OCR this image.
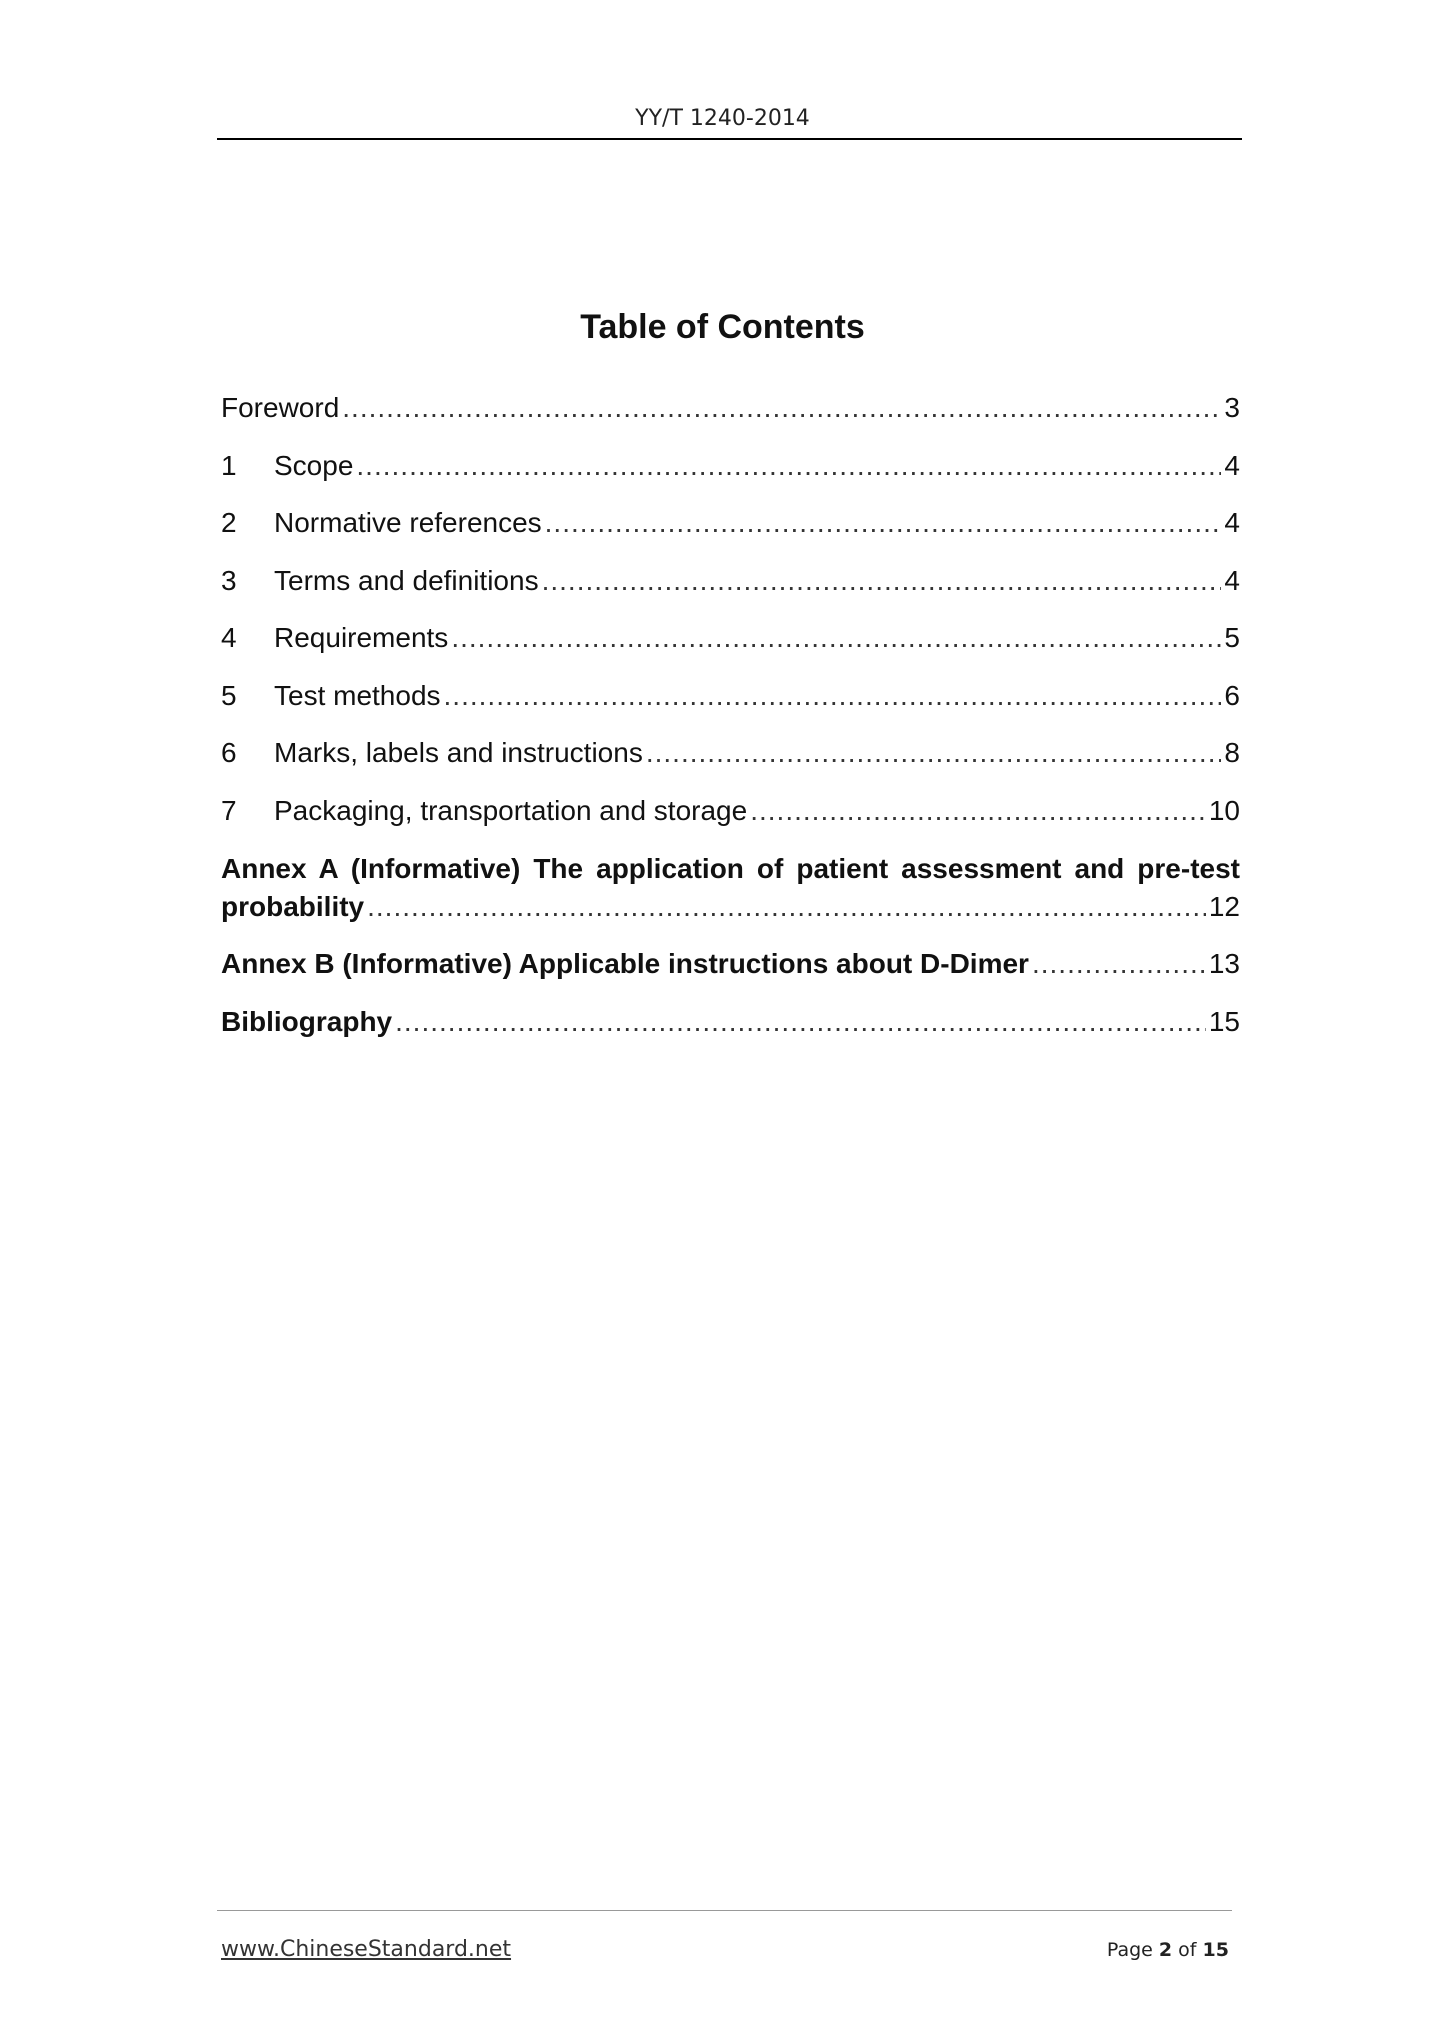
YY/T 1240-2014
Table of Contents
Foreword .....	3
1	Scope .....	4
2	Normative references .....	4
3	Terms and definitions .....	4
4	Requirements .....	5
5	Test methods .....	6
6	Marks, labels and instructions .....	8
7	Packaging, transportation and storage .....	10
Annex A (Informative) The application of patient assessment and pre-test
probability .....	12
Annex B (Informative) Applicable instructions about D-Dimer .....	13
Bibliography .....	15
www.ChineseStandard.net	Page 2 of 15
